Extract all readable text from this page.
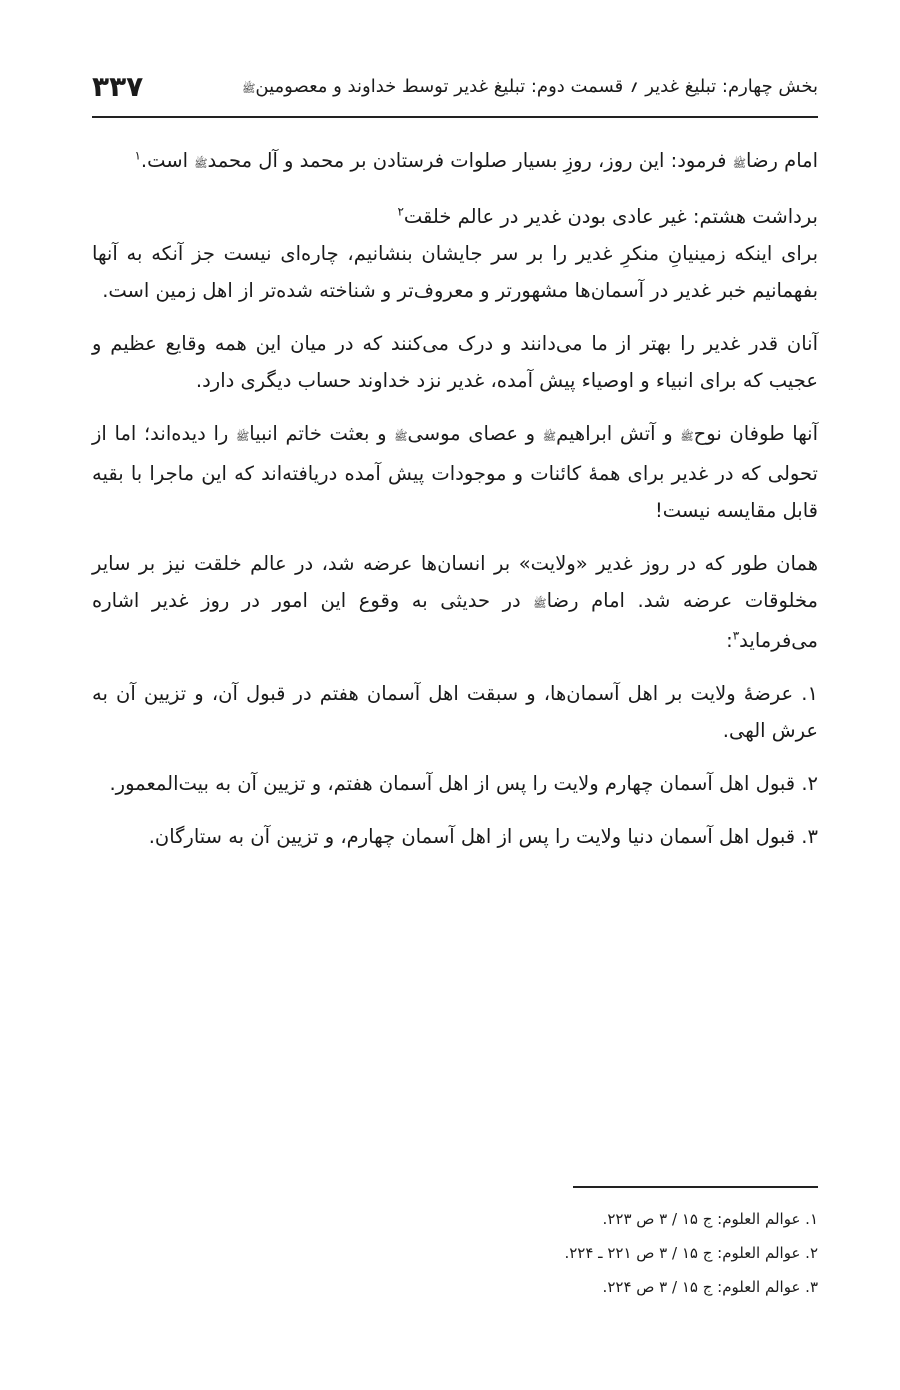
بخش چهارم: تبلیغ غدیر ؍ قسمت دوم: تبلیغ غدیر توسط خداوند و معصومینﷺ
۳۳۷

امام رضاﷺ فرمود: این روز، روزِ بسیار صلوات فرستادن بر محمد و آل محمدﷺ است.$^۱$

برداشت هشتم: غیر عادی بودن غدیر در عالم خلقت$^۲$

برای اینکه زمینیانِ منکرِ غدیر را بر سر جایشان بنشانیم، چاره‌ای نیست جز آنکه به آنها بفهمانیم خبر غدیر در آسمان‌ها مشهورتر و معروف‌تر و شناخته شده‌تر از اهل زمین است.

آنان قدر غدیر را بهتر از ما می‌دانند و درک می‌کنند که در میان این همه وقایع عظیم و عجیب که برای انبیاء و اوصیاء پیش آمده، غدیر نزد خداوند حساب دیگری دارد.

آنها طوفان نوحﷺ و آتش ابراهیمﷺ و عصای موسیﷺ و بعثت خاتم انبیاﷺ را دیده‌اند؛ اما از تحولی که در غدیر برای همهٔ کائنات و موجودات پیش آمده دریافته‌اند که این ماجرا با بقیه قابل مقایسه نیست!

همان طور که در روز غدیر «ولایت» بر انسان‌ها عرضه شد، در عالم خلقت نیز بر سایر مخلوقات عرضه شد. امام رضاﷺ در حدیثی به وقوع این امور در روز غدیر اشاره می‌فرماید$^۳$:

۱. عرضهٔ ولایت بر اهل آسمان‌ها، و سبقت اهل آسمان هفتم در قبول آن، و تزیین آن به عرش الهی.

۲. قبول اهل آسمان چهارم ولایت را پس از اهل آسمان هفتم، و تزیین آن به بیت‌المعمور.

۳. قبول اهل آسمان دنیا ولایت را پس از اهل آسمان چهارم، و تزیین آن به ستارگان.

۱. عوالم العلوم: ج ۱۵ / ۳ ص ۲۲۳.

۲. عوالم العلوم: ج ۱۵ / ۳ ص ۲۲۱ ـ ۲۲۴.

۳. عوالم العلوم: ج ۱۵ / ۳ ص ۲۲۴.
